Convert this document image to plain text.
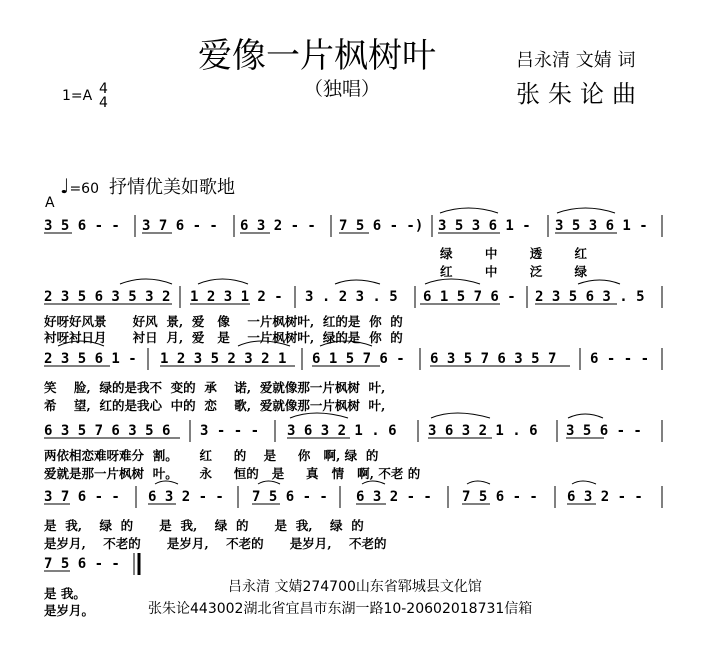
爱像一片枫树叶
（独唱）
吕永清 文婧 词
张朱论曲
1=A 4
4
♩=60 抒情优美如歌地
A
3 5 6 - - 3 7 6 - - 6 3 2 - - 7 5 6 - -) 3 5 3 6 1 - 3 5 3 6 1 -
绿 中 透 红
红 中 泛 绿
2 3 5 6 3 5 3 2 1 2 3 1 2 - 3 . 2 3 . 5 6 1 5 7 6 - 2 3 5 6 3 . 5
好呀好风景      好风  景,  爱   像    一片枫树叶,  红的是  你  的
衬呀衬日月      衬日  月,  爱   是    一片枫树叶,  绿的是  你  的
2 3 5 6 1 - 1 2 3 5 2 3 2 1 6 1 5 7 6 - 6 3 5 7 6 3 5 7 6 - - -
笑    脸,  绿的是我不  变的  承    诺,  爱就像那一片枫树  叶,
希    望,  红的是我心  中的  恋    歌,  爱就像那一片枫树  叶,
6 3 5 7 6 3 5 6 3 - - - 3 6 3 2 1 . 6 3 6 3 2 1 . 6 3 5 6 - -
两依相恋难呀难分  割。     红     的    是     你   啊, 绿  的
爱就是那一片枫树  叶。     永     恒的   是     真   情   啊, 不老 的
3 7 6 - - 6 3 2 - - 7 5 6 - - 6 3 2 - - 7 5 6 - - 6 3 2 - -
是  我,    绿  的      是  我,    绿  的      是  我,    绿  的
是岁月,    不老的      是岁月,    不老的      是岁月,    不老的
7 5 6 - -
是 我。
是岁月。
吕永清 文婧274700山东省郓城县文化馆
张朱论443002湖北省宜昌市东湖一路10-20602018731信箱
